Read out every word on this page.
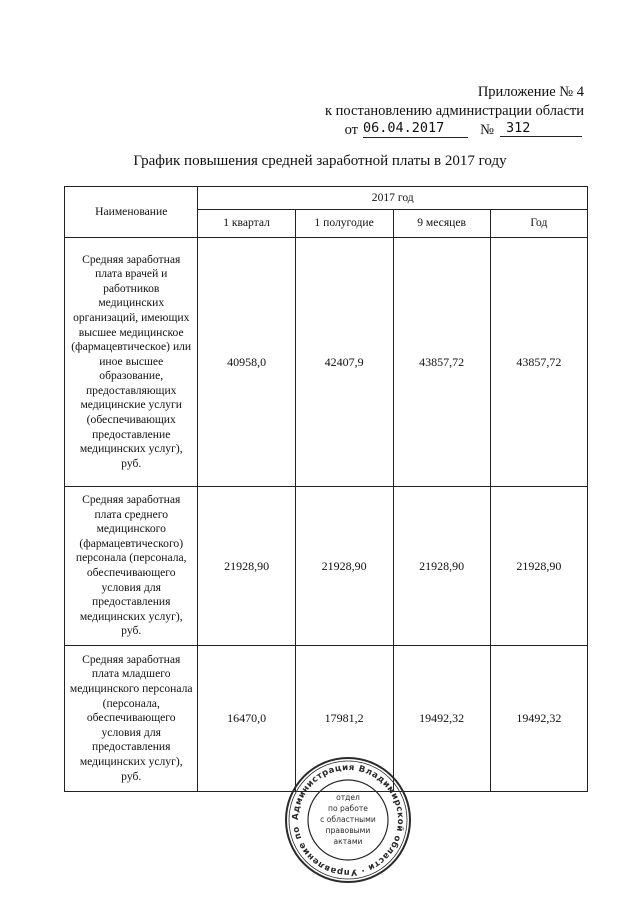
Приложение № 4
к постановлению администрации области
от 06.04.2017	№ 312
График повышения средней заработной платы в 2017 году
Наименование	2017 год			
	1 квартал	1 полугодие	9 месяцев	Год
Средняя заработная плата врачей и работников медицинских организаций, имеющих высшее медицинское (фармацевтическое) или иное высшее образование, предоставляющих медицинские услуги (обеспечивающих предоставление медицинских услуг), руб.	40958,0	42407,9	43857,72	43857,72
Средняя заработная плата среднего медицинского (фармацевтического) персонала (персонала, обеспечивающего условия для предоставления медицинских услуг), руб.	21928,90	21928,90	21928,90	21928,90
Средняя заработная плата младшего медицинского персонала (персонала, обеспечивающего условия для предоставления медицинских услуг), руб.	16470,0	17981,2	19492,32	19492,32
Администрация Владимирской области · Управление по
отдел
по работе
с областными
правовыми
актами
